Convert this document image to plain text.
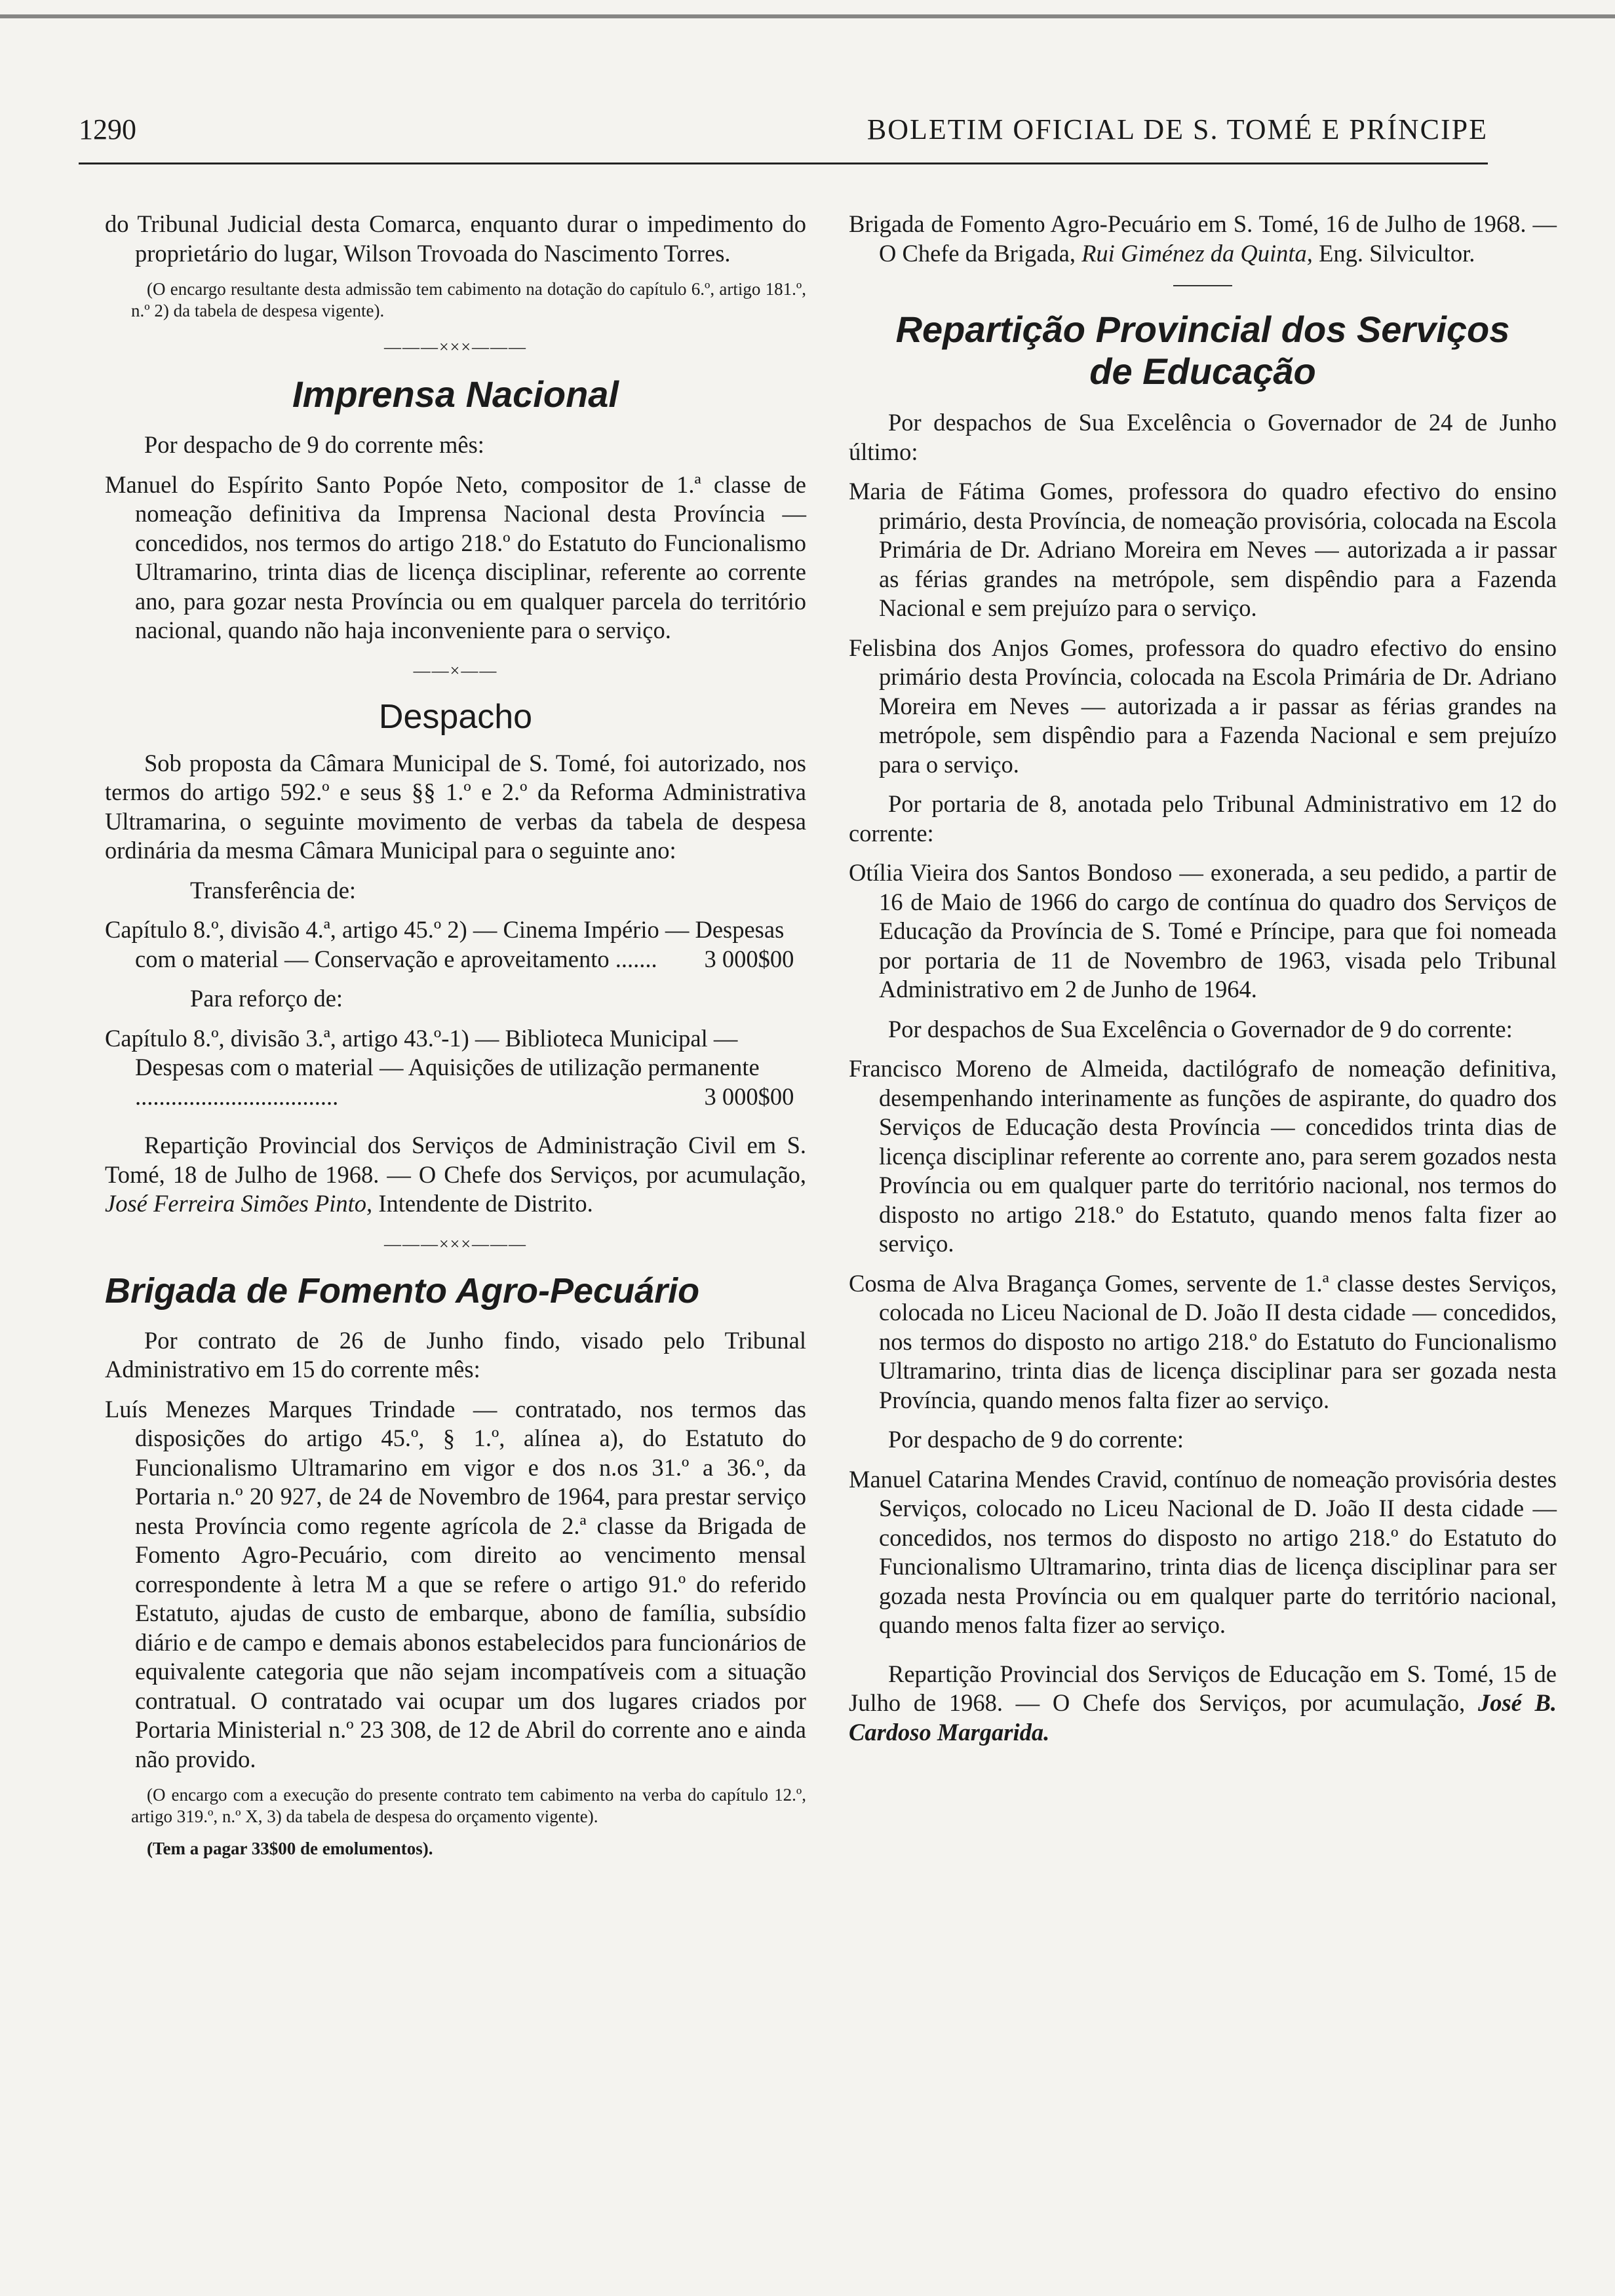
1290	BOLETIM OFICIAL DE S. TOMÉ E PRÍNCIPE

do Tribunal Judicial desta Comarca, enquanto durar o impedimento do proprietário do lugar, Wilson Trovoada do Nascimento Torres.

(O encargo resultante desta admissão tem cabimento na dotação do capítulo 6.º, artigo 181.º, n.º 2) da tabela de despesa vigente).

———×××———
Imprensa Nacional

Por despacho de 9 do corrente mês:

Manuel do Espírito Santo Popóe Neto, compositor de 1.ª classe de nomeação definitiva da Imprensa Nacional desta Província — concedidos, nos termos do artigo 218.º do Estatuto do Funcionalismo Ultramarino, trinta dias de licença disciplinar, referente ao corrente ano, para gozar nesta Província ou em qualquer parcela do território nacional, quando não haja inconveniente para o serviço.

——×——
Despacho

Sob proposta da Câmara Municipal de S. Tomé, foi autorizado, nos termos do artigo 592.º e seus §§ 1.º e 2.º da Reforma Administrativa Ultramarina, o seguinte movimento de verbas da tabela de despesa ordinária da mesma Câmara Municipal para o seguinte ano:

Transferência de:

Capítulo 8.º, divisão 4.ª, artigo 45.º 2) — Cinema Império — Despesas com o material — Conservação e aproveitamento ....... 3 000$00

Para reforço de:

Capítulo 8.º, divisão 3.ª, artigo 43.º-1) — Biblioteca Municipal — Despesas com o material — Aquisições de utilização permanente ..................................	3 000$00

Repartição Provincial dos Serviços de Administração Civil em S. Tomé, 18 de Julho de 1968. — O Chefe dos Serviços, por acumulação, José Ferreira Simões Pinto, Intendente de Distrito.

———×××———
Brigada de Fomento Agro-Pecuário

Por contrato de 26 de Junho findo, visado pelo Tribunal Administrativo em 15 do corrente mês:

Luís Menezes Marques Trindade — contratado, nos termos das disposições do artigo 45.º, § 1.º, alínea a), do Estatuto do Funcionalismo Ultramarino em vigor e dos n.os 31.º a 36.º, da Portaria n.º 20 927, de 24 de Novembro de 1964, para prestar serviço nesta Província como regente agrícola de 2.ª classe da Brigada de Fomento Agro-Pecuário, com direito ao vencimento mensal correspondente à letra M a que se refere o artigo 91.º do referido Estatuto, ajudas de custo de embarque, abono de família, subsídio diário e de campo e demais abonos estabelecidos para funcionários de equivalente categoria que não sejam incompatíveis com a situação contratual. O contratado vai ocupar um dos lugares criados por Portaria Ministerial n.º 23 308, de 12 de Abril do corrente ano e ainda não provido.

(O encargo com a execução do presente contrato tem cabimento na verba do capítulo 12.º, artigo 319.º, n.º X, 3) da tabela de despesa do orçamento vigente).

(Tem a pagar 33$00 de emolumentos).

Brigada de Fomento Agro-Pecuário em S. Tomé, 16 de Julho de 1968. — O Chefe da Brigada, Rui Giménez da Quinta, Eng. Silvicultor.

Repartição Provincial dos Serviços
de Educação

Por despachos de Sua Excelência o Governador de 24 de Junho último:

Maria de Fátima Gomes, professora do quadro efectivo do ensino primário, desta Província, de nomeação provisória, colocada na Escola Primária de Dr. Adriano Moreira em Neves — autorizada a ir passar as férias grandes na metrópole, sem dispêndio para a Fazenda Nacional e sem prejuízo para o serviço.

Felisbina dos Anjos Gomes, professora do quadro efectivo do ensino primário desta Província, colocada na Escola Primária de Dr. Adriano Moreira em Neves — autorizada a ir passar as férias grandes na metrópole, sem dispêndio para a Fazenda Nacional e sem prejuízo para o serviço.

Por portaria de 8, anotada pelo Tribunal Administrativo em 12 do corrente:

Otília Vieira dos Santos Bondoso — exonerada, a seu pedido, a partir de 16 de Maio de 1966 do cargo de contínua do quadro dos Serviços de Educação da Província de S. Tomé e Príncipe, para que foi nomeada por portaria de 11 de Novembro de 1963, visada pelo Tribunal Administrativo em 2 de Junho de 1964.

Por despachos de Sua Excelência o Governador de 9 do corrente:

Francisco Moreno de Almeida, dactilógrafo de nomeação definitiva, desempenhando interinamente as funções de aspirante, do quadro dos Serviços de Educação desta Província — concedidos trinta dias de licença disciplinar referente ao corrente ano, para serem gozados nesta Província ou em qualquer parte do território nacional, nos termos do disposto no artigo 218.º do Estatuto, quando menos falta fizer ao serviço.

Cosma de Alva Bragança Gomes, servente de 1.ª classe destes Serviços, colocada no Liceu Nacional de D. João II desta cidade — concedidos, nos termos do disposto no artigo 218.º do Estatuto do Funcionalismo Ultramarino, trinta dias de licença disciplinar para ser gozada nesta Província, quando menos falta fizer ao serviço.

Por despacho de 9 do corrente:

Manuel Catarina Mendes Cravid, contínuo de nomeação provisória destes Serviços, colocado no Liceu Nacional de D. João II desta cidade — concedidos, nos termos do disposto no artigo 218.º do Estatuto do Funcionalismo Ultramarino, trinta dias de licença disciplinar para ser gozada nesta Província ou em qualquer parte do território nacional, quando menos falta fizer ao serviço.

Repartição Provincial dos Serviços de Educação em S. Tomé, 15 de Julho de 1968. — O Chefe dos Serviços, por acumulação, José B. Cardoso Margarida.
